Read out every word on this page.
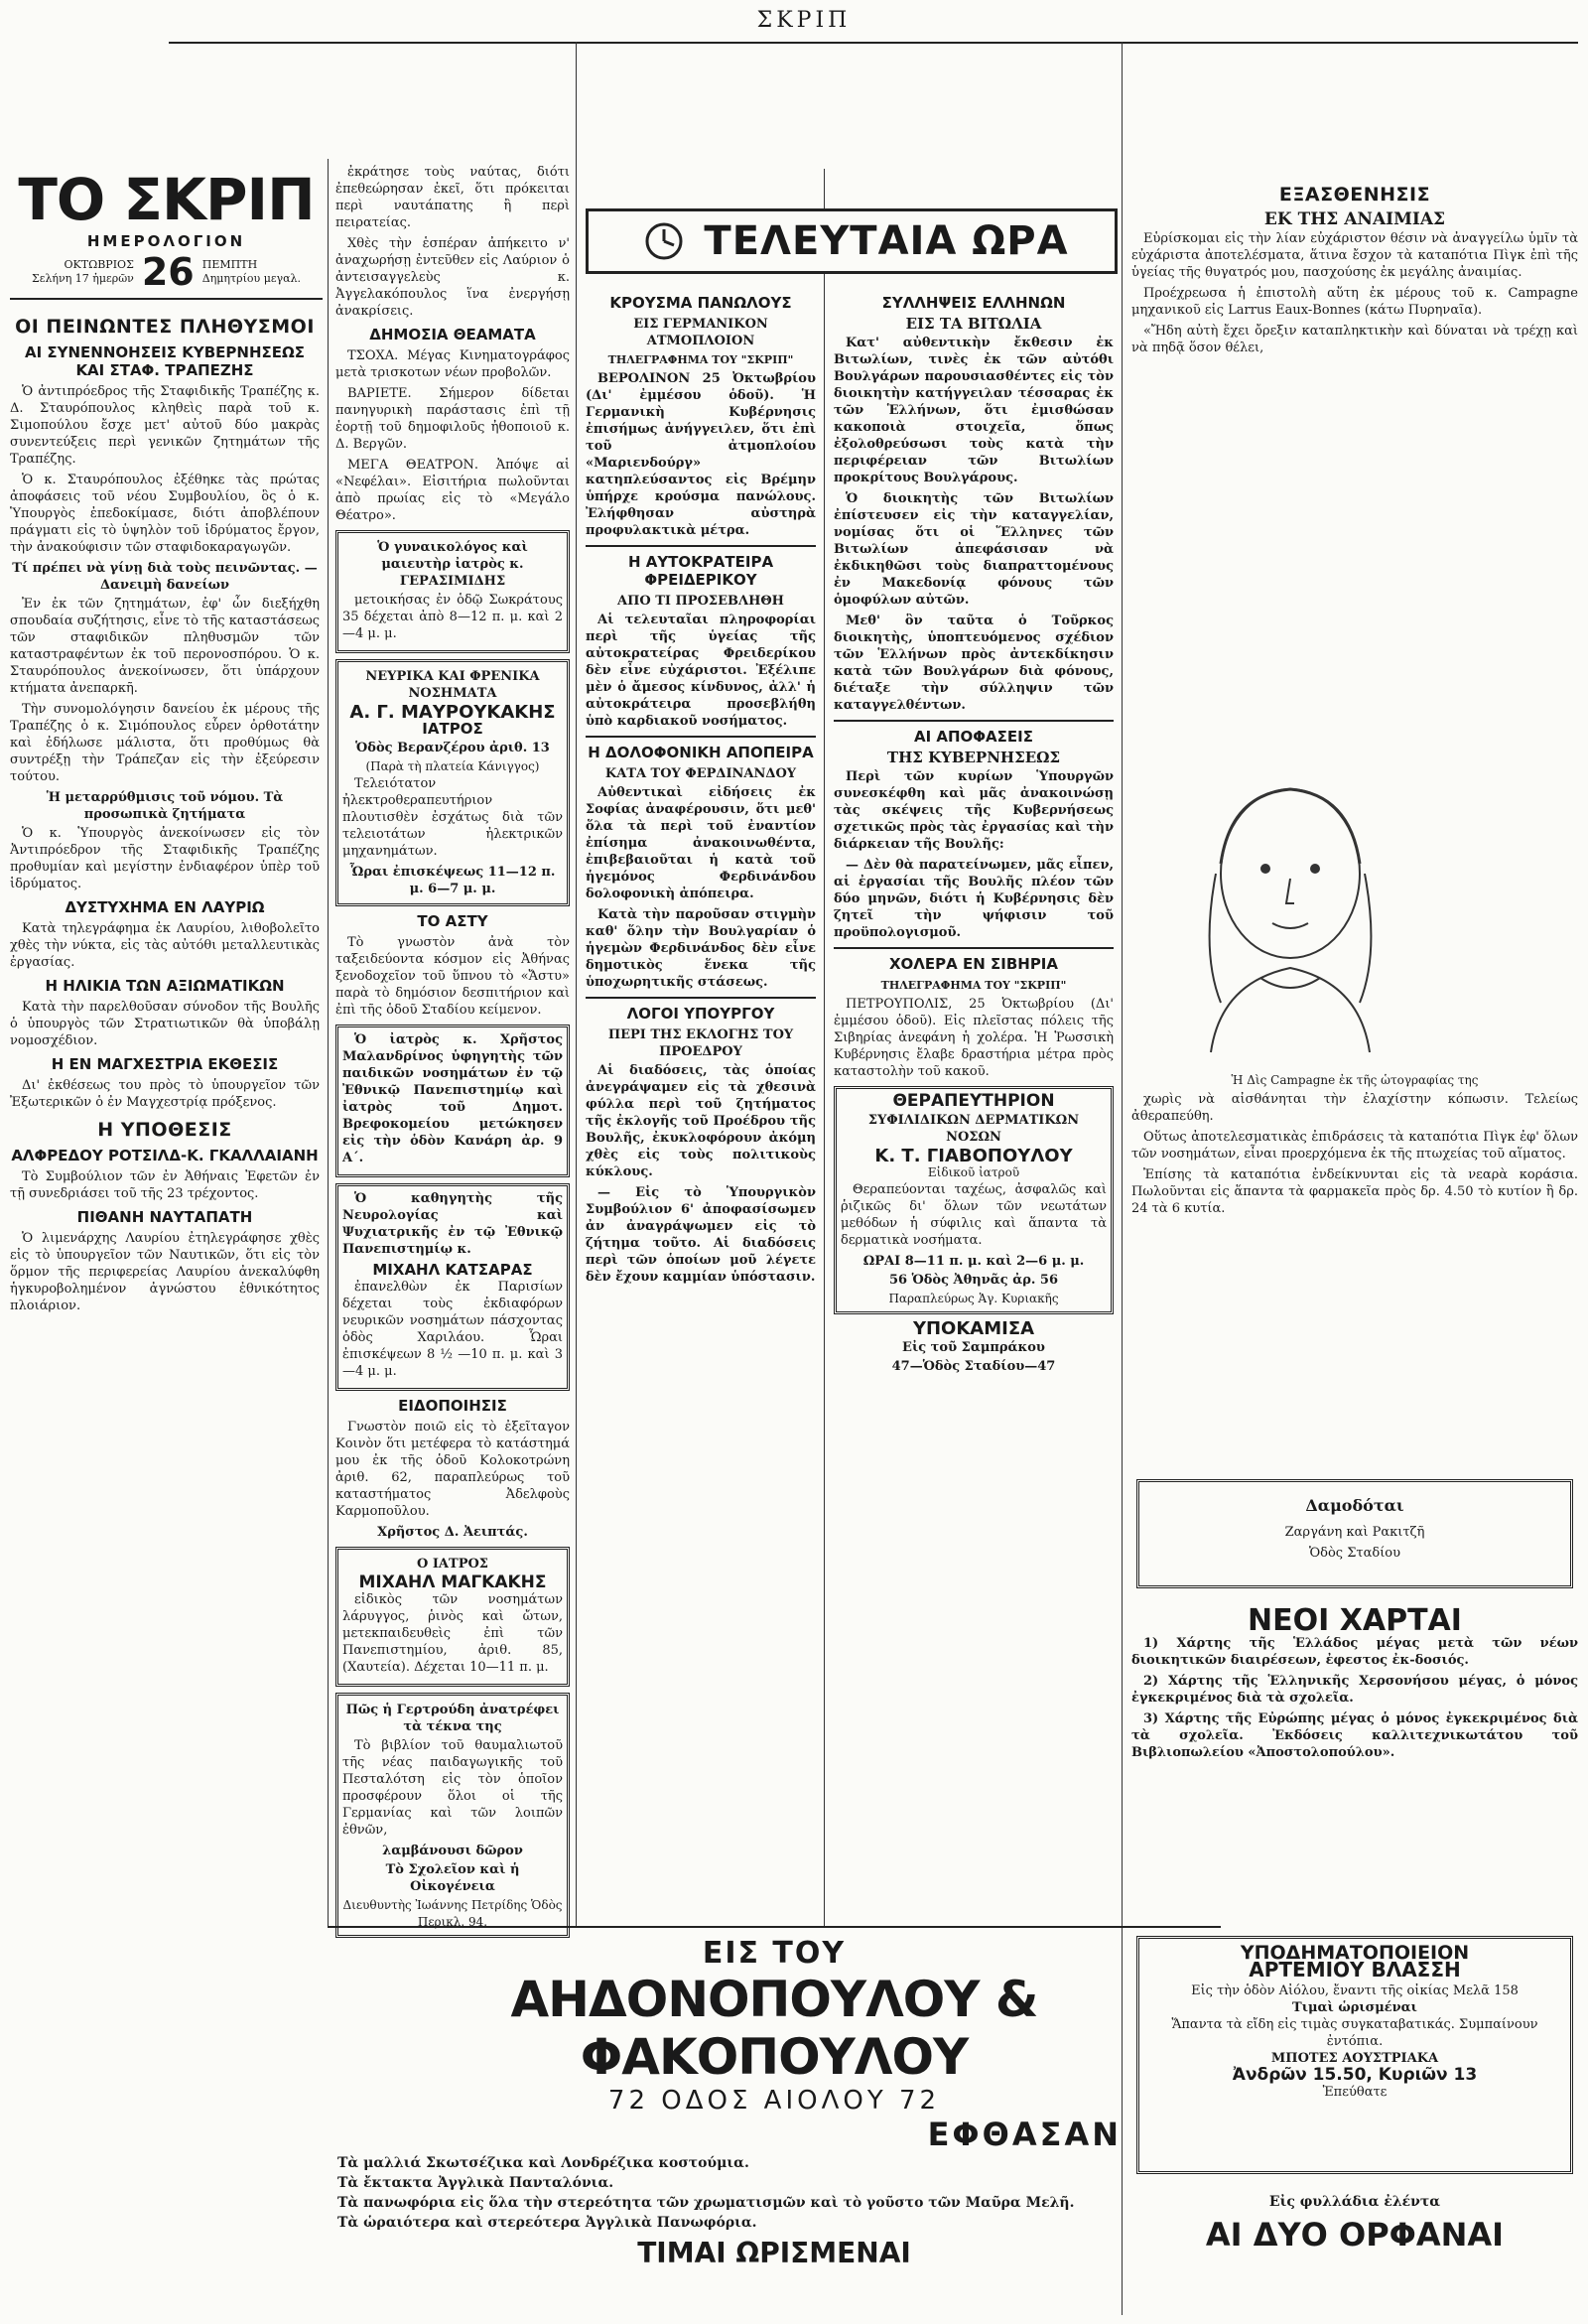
ΣΚΡΙΠ
ΤΟ ΣΚΡΙΠ
ΗΜΕΡΟΛΟΓΙΟΝ
ΟΚΤΩΒΡΙΟΣ
Σελήνη 17 ἡμερῶν 26 ΠΕΜΠΤΗ
Δημητρίου μεγαλ.
ΟΙ ΠΕΙΝΩΝΤΕΣ ΠΛΗΘΥΣΜΟΙ
ΑΙ ΣΥΝΕΝΝΟΗΣΕΙΣ ΚΥΒΕΡΝΗΣΕΩΣ ΚΑΙ ΣΤΑΦ. ΤΡΑΠΕΖΗΣ

Ὁ ἀντιπρόεδρος τῆς Σταφιδικῆς Τραπέζης κ. Δ. Σταυρόπουλος κληθεὶς παρὰ τοῦ κ. Σιμοπούλου ἔσχε μετ' αὐτοῦ δύο μακρὰς συνεντεύξεις περὶ γενικῶν ζητημάτων τῆς Τραπέζης.

Ὁ κ. Σταυρόπουλος ἐξέθηκε τὰς πρώτας ἀποφάσεις τοῦ νέου Συμβουλίου, ὃς ὁ κ. Ὑπουργὸς ἐπεδοκίμασε, διότι ἀποβλέπουν πράγματι εἰς τὸ ὑψηλὸν τοῦ ἱδρύματος ἔργον, τὴν ἀνακούφισιν τῶν σταφιδοκαραγωγῶν.

Τί πρέπει νὰ γίνῃ διὰ τοὺς πεινῶντας. — Δανειμὴ δανείων

Ἐν ἐκ τῶν ζητημάτων, ἐφ' ὧν διεξήχθη σπουδαία συζήτησις, εἶνε τὸ τῆς καταστάσεως τῶν σταφιδικῶν πληθυσμῶν τῶν καταστραφέντων ἐκ τοῦ περονοσπόρου. Ὁ κ. Σταυρόπουλος ἀνεκοίνωσεν, ὅτι ὑπάρχουν κτήματα ἀνεπαρκῆ.

Τὴν συνομολόγησιν δανείου ἐκ μέρους τῆς Τραπέζης ὁ κ. Σιμόπουλος εὗρεν ὀρθοτάτην καὶ ἐδήλωσε μάλιστα, ὅτι προθύμως θὰ συντρέξῃ τὴν Τράπεζαν εἰς τὴν ἐξεύρεσιν τούτου.

Ἡ μεταρρύθμισις τοῦ νόμου. Τὰ προσωπικὰ ζητήματα

Ὁ κ. Ὑπουργὸς ἀνεκοίνωσεν εἰς τὸν Ἀντιπρόεδρον τῆς Σταφιδικῆς Τραπέζης προθυμίαν καὶ μεγίστην ἐνδιαφέρον ὑπὲρ τοῦ ἱδρύματος.

ΔΥΣΤΥΧΗΜΑ ΕΝ ΛΑΥΡΙΩ

Κατὰ τηλεγράφημα ἐκ Λαυρίου, λιθοβολεῖτο χθὲς τὴν νύκτα, εἰς τὰς αὐτόθι μεταλλευτικὰς ἐργασίας.

Η ΗΛΙΚΙΑ ΤΩΝ ΑΞΙΩΜΑΤΙΚΩΝ

Κατὰ τὴν παρελθοῦσαν σύνοδον τῆς Βουλῆς ὁ ὑπουργὸς τῶν Στρατιωτικῶν θὰ ὑποβάλῃ νομοσχέδιον.

Η ΕΝ ΜΑΓΧΕΣΤΡΙΑ ΕΚΘΕΣΙΣ

Δι' ἐκθέσεως του πρὸς τὸ ὑπουργεῖον τῶν Ἐξωτερικῶν ὁ ἐν Μαγχεστρίᾳ πρόξενος.

Η ΥΠΟΘΕΣΙΣ
ΑΛΦΡΕΔΟΥ ΡΟΤΣΙΛΔ-Κ. ΓΚΑΛΛΑΙΑΝΗ

Τὸ Συμβούλιον τῶν ἐν Ἀθήναις Ἐφετῶν ἐν τῇ συνεδριάσει τοῦ τῆς 23 τρέχοντος.

ΠΙΘΑΝΗ ΝΑΥΤΑΠΑΤΗ

Ὁ λιμενάρχης Λαυρίου ἐτηλεγράφησε χθὲς εἰς τὸ ὑπουργεῖον τῶν Ναυτικῶν, ὅτι εἰς τὸν ὅρμον τῆς περιφερείας Λαυρίου ἀνεκαλύφθη ἡγκυροβολημένον ἀγνώστου ἐθνικότητος πλοιάριον.

ἐκράτησε τοὺς ναύτας, διότι ἐπεθεώρησαν ἐκεῖ, ὅτι πρόκειται περὶ ναυτάπατης ἢ περὶ πειρατείας.

Χθὲς τὴν ἑσπέραν ἀπήκειτο ν' ἀναχωρήσῃ ἐντεῦθεν εἰς Λαύριον ὁ ἀντεισαγγελεὺς κ. Ἀγγελακόπουλος ἵνα ἐνεργήσῃ ἀνακρίσεις.

ΔΗΜΟΣΙΑ ΘΕΑΜΑΤΑ

ΤΣΟΧΑ. Μέγας Κινηματογράφος μετὰ τρισκοτων νέων προβολῶν.

ΒΑΡΙΕΤΕ. Σήμερον δίδεται πανηγυρικὴ παράστασις ἐπὶ τῇ ἑορτῇ τοῦ δημοφιλοῦς ἠθοποιοῦ κ. Δ. Βεργῶν.

ΜΕΓΑ ΘΕΑΤΡΟΝ. Ἀπόψε αἱ «Νεφέλαι». Εἰσιτήρια πωλοῦνται ἀπὸ πρωίας εἰς τὸ «Μεγάλο Θέατρο».

Ὁ γυναικολόγος καὶ μαιευτὴρ ἰατρὸς κ. ΓΕΡΑΣΙΜΙΔΗΣ

μετοικήσας ἐν ὁδῷ Σωκράτους 35 δέχεται ἀπὸ 8—12 π. μ. καὶ 2—4 μ. μ.

ΝΕΥΡΙΚΑ ΚΑΙ ΦΡΕΝΙΚΑ ΝΟΣΗΜΑΤΑ
Α. Γ. ΜΑΥΡΟΥΚΑΚΗΣ
ΙΑΤΡΟΣ
Ὁδὸς Βερανζέρου ἀριθ. 13
(Παρὰ τὴ πλατεία Κάνιγγος)

Τελειότατον ἠλεκτροθεραπευτήριον πλουτισθὲν ἐσχάτως διὰ τῶν τελειοτάτων ἠλεκτρικῶν μηχανημάτων.

Ὧραι ἐπισκέψεως 11—12 π. μ. 6—7 μ. μ.
ΤΟ ΑΣΤΥ

Τὸ γνωστὸν ἀνὰ τὸν ταξειδεύοντα κόσμον εἰς Ἀθήνας ξενοδοχεῖον τοῦ ὕπνου τὸ «Ἄστυ» παρὰ τὸ δημόσιον δεσπιτήριον καὶ ἐπὶ τῆς ὁδοῦ Σταδίου κείμενον.

Ὁ ἰατρὸς κ. Χρῆστος Μαλανδρίνος ὑφηγητὴς τῶν παιδικῶν νοσημάτων ἐν τῷ Ἐθνικῷ Πανεπιστημίῳ καὶ ἰατρὸς τοῦ Δημοτ. Βρεφοκομείου μετώκησεν εἰς τὴν ὁδὸν Κανάρη ἀρ. 9 Α΄.

Ὁ καθηγητὴς τῆς Νευρολογίας καὶ Ψυχιατρικῆς ἐν τῷ Ἐθνικῷ Πανεπιστημίῳ κ.

ΜΙΧΑΗΛ ΚΑΤΣΑΡΑΣ

ἐπανελθὼν ἐκ Παρισίων δέχεται τοὺς ἐκδιαφόρων νευρικῶν νοσημάτων πάσχοντας ὁδὸς Χαριλάου. Ὧραι ἐπισκέψεων 8 ½ —10 π. μ. καὶ 3—4 μ. μ.

ΕΙΔΟΠΟΙΗΣΙΣ

Γνωστὸν ποιῶ εἰς τὸ ἐξεῖταγον Κοινὸν ὅτι μετέφερα τὸ κατάστημά μου ἐκ τῆς ὁδοῦ Κολοκοτρώνη ἀριθ. 62, παραπλεύρως τοῦ καταστήματος Ἀδελφοὺς Καρμοποῦλου.

Χρῆστος Δ. Ἀειπτάς.
Ο ΙΑΤΡΟΣ
ΜΙΧΑΗΛ ΜΑΓΚΑΚΗΣ

εἰδικὸς τῶν νοσημάτων λάρυγγος, ῥινὸς καὶ ὤτων, μετεκπαιδευθεὶς ἐπὶ τῶν Πανεπιστημίου, ἀριθ. 85, (Χαυτεία). Δέχεται 10—11 π. μ.

Πῶς ἡ Γερτρούδη ἀνατρέφει τὰ τέκνα της

Τὸ βιβλίον τοῦ θαυμαλιωτοῦ τῆς νέας παιδαγωγικῆς τοῦ Πεσταλότση εἰς τὸν ὁποῖον προσφέρουν ὅλοι οἱ τῆς Γερμανίας καὶ τῶν λοιπῶν ἐθνῶν,

λαμβάνουσι δῶρον
Τὸ Σχολεῖον καὶ ἡ Οἰκογένεια
Διευθυντὴς Ἰωάννης Πετρίδης Ὁδὸς Περικλ. 94.
ΤΕΛΕΥΤΑΙΑ ΩΡΑ
ΚΡΟΥΣΜΑ ΠΑΝΩΛΟΥΣ
ΕΙΣ ΓΕΡΜΑΝΙΚΟΝ ΑΤΜΟΠΛΟΙΟΝ
ΤΗΛΕΓΡΑΦΗΜΑ ΤΟΥ "ΣΚΡΙΠ"

ΒΕΡΟΛΙΝΟΝ 25 Ὀκτωβρίου (Δι' ἐμμέσου ὁδοῦ). Ἡ Γερμανικὴ Κυβέρνησις ἐπισήμως ἀνήγγειλεν, ὅτι ἐπὶ τοῦ ἀτμοπλοίου «Μαριενδούργ» κατηπλεύσαντος εἰς Βρέμην ὑπήρχε κρούσμα πανώλους. Ἐλήφθησαν αὐστηρὰ προφυλακτικὰ μέτρα.

Η ΑΥΤΟΚΡΑΤΕΙΡΑ ΦΡΕΙΔΕΡΙΚΟΥ
ΑΠΟ ΤΙ ΠΡΟΣΕΒΛΗΘΗ

Αἱ τελευταῖαι πληροφορίαι περὶ τῆς ὑγείας τῆς αὐτοκρατείρας Φρειδερίκου δὲν εἶνε εὐχάριστοι. Ἐξέλιπε μὲν ὁ ἄμεσος κίνδυνος, ἀλλ' ἡ αὐτοκράτειρα προσεβλήθη ὑπὸ καρδιακοῦ νοσήματος.

Η ΔΟΛΟΦΟΝΙΚΗ ΑΠΟΠΕΙΡΑ
ΚΑΤΑ ΤΟΥ ΦΕΡΔΙΝΑΝΔΟΥ

Αὐθεντικαὶ εἰδήσεις ἐκ Σοφίας ἀναφέρουσιν, ὅτι μεθ' ὅλα τὰ περὶ τοῦ ἐναντίον ἐπίσημα ἀνακοινωθέντα, ἐπιβεβαιοῦται ἡ κατὰ τοῦ ἡγεμόνος Φερδινάνδου δολοφονικὴ ἀπόπειρα.

Κατὰ τὴν παροῦσαν στιγμὴν καθ' ὅλην τὴν Βουλγαρίαν ὁ ἡγεμὼν Φερδινάνδος δὲν εἶνε δημοτικὸς ἕνεκα τῆς ὑποχωρητικῆς στάσεως.

ΛΟΓΟΙ ΥΠΟΥΡΓΟΥ
ΠΕΡΙ ΤΗΣ ΕΚΛΟΓΗΣ ΤΟΥ ΠΡΟΕΔΡΟΥ

Αἱ διαδόσεις, τὰς ὁποίας ἀνεγράψαμεν εἰς τὰ χθεσινὰ φύλλα περὶ τοῦ ζητήματος τῆς ἐκλογῆς τοῦ Προέδρου τῆς Βουλῆς, ἐκυκλοφόρουν ἀκόμη χθὲς εἰς τοὺς πολιτικοὺς κύκλους.

— Εἰς τὸ Ὑπουργικὸν Συμβούλιον 6' ἀποφασίσωμεν ἀν ἀναγράψωμεν εἰς τὸ ζήτημα τοῦτο. Αἱ διαδόσεις περὶ τῶν ὁποίων μοῦ λέγετε δὲν ἔχουν καμμίαν ὑπόστασιν.

ΣΥΛΛΗΨΕΙΣ ΕΛΛΗΝΩΝ
ΕΙΣ ΤΑ ΒΙΤΩΛΙΑ

Κατ' αὐθεντικὴν ἔκθεσιν ἐκ Βιτωλίων, τινὲς ἐκ τῶν αὐτόθι Βουλγάρων παρουσιασθέντες εἰς τὸν διοικητὴν κατήγγειλαν τέσσαρας ἐκ τῶν Ἑλλήνων, ὅτι ἐμισθώσαν κακοποιὰ στοιχεῖα, ὅπως ἐξολοθρεύσωσι τοὺς κατὰ τὴν περιφέρειαν τῶν Βιτωλίων προκρίτους Βουλγάρους.

Ὁ διοικητὴς τῶν Βιτωλίων ἐπίστευσεν εἰς τὴν καταγγελίαν, νομίσας ὅτι οἱ Ἕλληνες τῶν Βιτωλίων ἀπεφάσισαν νὰ ἐκδικηθῶσι τοὺς διαπραττομένους ἐν Μακεδονίᾳ φόνους τῶν ὁμοφύλων αὐτῶν.

Μεθ' ὃν ταῦτα ὁ Τοῦρκος διοικητὴς, ὑποπτευόμενος σχέδιον τῶν Ἑλλήνων πρὸς ἀντεκδίκησιν κατὰ τῶν Βουλγάρων διὰ φόνους, διέταξε τὴν σύλληψιν τῶν καταγγελθέντων.

ΑΙ ΑΠΟΦΑΣΕΙΣ
ΤΗΣ ΚΥΒΕΡΝΗΣΕΩΣ

Περὶ τῶν κυρίων Ὑπουργῶν συνεσκέφθη καὶ μᾶς ἀνακοινώσῃ τὰς σκέψεις τῆς Κυβερνήσεως σχετικῶς πρὸς τὰς ἐργασίας καὶ τὴν διάρκειαν τῆς Βουλῆς:

— Δὲν θὰ παρατείνωμεν, μᾶς εἶπεν, αἱ ἐργασίαι τῆς Βουλῆς πλέον τῶν δύο μηνῶν, διότι ἡ Κυβέρνησις δὲν ζητεῖ τὴν ψήφισιν τοῦ προϋπολογισμοῦ.

ΧΟΛΕΡΑ ΕΝ ΣΙΒΗΡΙΑ
ΤΗΛΕΓΡΑΦΗΜΑ ΤΟΥ "ΣΚΡΙΠ"

ΠΕΤΡΟΥΠΟΛΙΣ, 25 Ὀκτωβρίου (Δι' ἐμμέσου ὁδοῦ). Εἰς πλεῖστας πόλεις τῆς Σιβηρίας ἀνεφάνη ἡ χολέρα. Ἡ Ῥωσσικὴ Κυβέρνησις ἔλαβε δραστήρια μέτρα πρὸς καταστολὴν τοῦ κακοῦ.

ΘΕΡΑΠΕΥΤΗΡΙΟΝ
ΣΥΦΙΛΙΔΙΚΩΝ ΔΕΡΜΑΤΙΚΩΝ ΝΟΣΩΝ
Κ. Τ. ΓΙΑΒΟΠΟΥΛΟΥ
Εἰδικοῦ ἰατροῦ

Θεραπεύονται ταχέως, ἀσφαλῶς καὶ ῥιζικῶς δι' ὅλων τῶν νεωτάτων μεθόδων ἡ σύφιλις καὶ ἅπαντα τὰ δερματικὰ νοσήματα.

ΩΡΑΙ 8—11 π. μ. καὶ 2—6 μ. μ.
56 Ὁδὸς Ἀθηνᾶς ἀρ. 56
Παραπλεύρως Ἁγ. Κυριακῆς
ΥΠΟΚΑΜΙΣΑ
Εἰς τοῦ Σαμπράκου
47—Ὁδὸς Σταδίου—47
ΕΞΑΣΘΕΝΗΣΙΣ
ΕΚ ΤΗΣ ΑΝΑΙΜΙΑΣ

Εὑρίσκομαι εἰς τὴν λίαν εὐχάριστον θέσιν νὰ ἀναγγείλω ὑμῖν τὰ εὐχάριστα ἀποτελέσματα, ἅτινα ἔσχον τὰ καταπότια Πὶγκ ἐπὶ τῆς ὑγείας τῆς θυγατρός μου, πασχούσης ἐκ μεγάλης ἀναιμίας.

Προέχρεωσα ἡ ἐπιστολὴ αὕτη ἐκ μέρους τοῦ κ. Campagne μηχανικοῦ εἰς Larrus Eaux-Bonnes (κάτω Πυρηναῖα).

«Ἤδη αὐτὴ ἔχει ὄρεξιν καταπληκτικὴν καὶ δύναται νὰ τρέχῃ καὶ νὰ πηδᾷ ὅσον θέλει,

Ἡ Δὶς Campagne ἐκ τῆς ὡτογραφίας της

χωρὶς νὰ αἰσθάνηται τὴν ἐλαχίστην κόπωσιν. Τελείως ἀθεραπεύθη.

Οὕτως ἀποτελεσματικὰς ἐπιδράσεις τὰ καταπότια Πὶγκ ἐφ' ὅλων τῶν νοσημάτων, εἶναι προερχόμενα ἐκ τῆς πτωχείας τοῦ αἵματος.

Ἐπίσης τὰ καταπότια ἐνδείκνυνται εἰς τὰ νεαρὰ κοράσια. Πωλοῦνται εἰς ἅπαντα τὰ φαρμακεῖα πρὸς δρ. 4.50 τὸ κυτίον ἢ δρ. 24 τὰ 6 κυτία.

Δαμοδόται
Ζαργάνη καὶ Ρακιτζῆ
Ὁδὸς Σταδίου
ΝΕΟΙ ΧΑΡΤΑΙ

1) Χάρτης τῆς Ἑλλάδος μέγας μετὰ τῶν νέων διοικητικῶν διαιρέσεων, ἐφεστος ἐκ-δοσιός.

2) Χάρτης τῆς Ἑλληνικῆς Χερσονήσου μέγας, ὁ μόνος ἐγκεκριμένος διὰ τὰ σχολεῖα.

3) Χάρτης τῆς Εὐρώπης μέγας ὁ μόνος ἐγκεκριμένος διὰ τὰ σχολεῖα. Ἐκδόσεις καλλιτεχνικωτάτου τοῦ Βιβλιοπωλείου «Ἀποστολοπούλου».

ΥΠΟΔΗΜΑΤΟΠΟΙΕΙΟΝ
ΑΡΤΕΜΙΟΥ ΒΛΑΣΣΗ
Εἰς τὴν ὁδὸν Αἰόλου, ἔναντι τῆς οἰκίας Μελᾶ 158
Τιμαὶ ὡρισμέναι
Ἅπαντα τὰ εἴδη εἰς τιμὰς συγκαταβατικάς. Συμπαίνουν ἐντόπια.
ΜΠΟΤΕΣ ΑΟΥΣΤΡΙΑΚΑ
Ἀνδρῶν 15.50, Κυριῶν 13
Ἐπεύθατε
Εἰς φυλλάδια ἐλέντα
ΑΙ ΔΥΟ ΟΡΦΑΝΑΙ
ΕΙΣ ΤΟΥ
ΑΗΔΟΝΟΠΟΥΛΟΥ & ΦΑΚΟΠΟΥΛΟΥ
72 ΟΔΟΣ ΑΙΟΛΟΥ 72
ΕΦΘΑΣΑΝ
Τὰ μαλλιά Σκωτσέζικα καὶ Λονδρέζικα κοστούμια.
Τὰ ἔκτακτα Ἀγγλικὰ Πανταλόνια.
Τὰ πανωφόρια εἰς ὅλα τὴν στερεότητα τῶν χρωματισμῶν καὶ τὸ γοῦστο τῶν Μαῦρα Μελῆ.
Τὰ ὡραιότερα καὶ στερεότερα Ἀγγλικὰ Πανωφόρια.
ΤΙΜΑΙ ΩΡΙΣΜΕΝΑΙ
